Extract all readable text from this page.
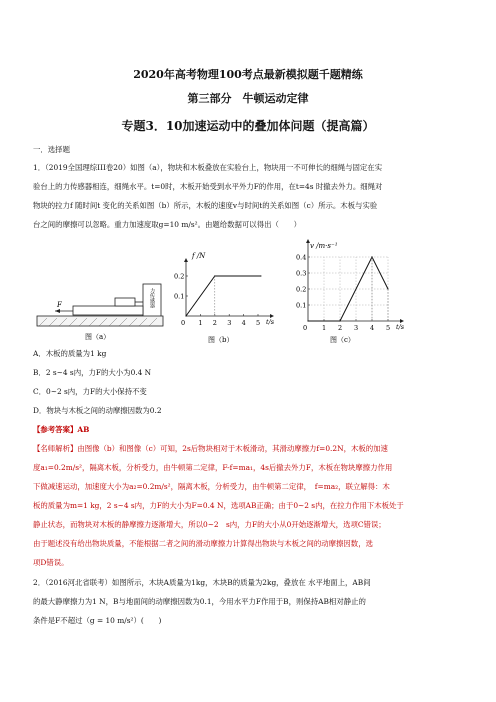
2020年高考物理100考点最新模拟题千题精练
第三部分　牛顿运动定律
专题3．10加速运动中的叠加体问题（提高篇）
一．选择题
1．（2019全国理综III卷20）如图（a），物块和木板叠放在实验台上，物块用一不可伸长的细绳与固定在实
验台上的力传感器相连，细绳水平。t=0时，木板开始受到水平外力F的作用，在t=4s 时撤去外力。细绳对
物块的拉力f 随时间t 变化的关系如图（b）所示，木板的速度v与时间t的关系如图（c）所示。木板与实验
台之间的摩擦可以忽略。重力加速度取g=10 m/s²。由题给数据可以得出（　　）
力传感器
F
图（a）
0 1 2 3 4 5
0.2
0.1
f /N
t/s
图（b）
0 1 2 3 4 5
0.4
0.3
0.2
0.1
v /m·s⁻¹
t/s
图（c）
A．木板的质量为1 kg
B．2 s~4 s内，力F的大小为0.4 N
C．0~2 s内，力F的大小保持不变
D．物块与木板之间的动摩擦因数为0.2
【参考答案】AB
【名师解析】由图像（b）和图像（c）可知，2s后物块相对于木板滑动，其滑动摩擦力f=0.2N，木板的加速
度a₁=0.2m/s²，隔离木板，分析受力，由牛顿第二定律，F-f=ma₁，4s后撤去外力F，木板在物块摩擦力作用
下做减速运动，加速度大小为a₂=0.2m/s²，隔离木板，分析受力，由牛顿第二定律，　f=ma₂，联立解得：木
板的质量为m=1 kg，2 s~4 s内，力F的大小为F=0.4 N，选项AB正确；由于0~2 s内，在拉力作用下木板处于
静止状态，而物块对木板的静摩擦力逐渐增大，所以0~2　s内，力F的大小从0开始逐渐增大，选项C错误；
由于题述没有给出物块质量，不能根据二者之间的滑动摩擦力计算得出物块与木板之间的动摩擦因数，选
项D错误。
2．（2016河北省联考）如图所示，木块A质量为1kg，木块B的质量为2kg，叠放在 水平地面上，AB间
的最大静摩擦力为1 N，B与地面间的动摩擦因数为0.1，今用水平力F作用于B，则保持AB相对静止的
条件是F不超过（g = 10 m/s²）(　　)
